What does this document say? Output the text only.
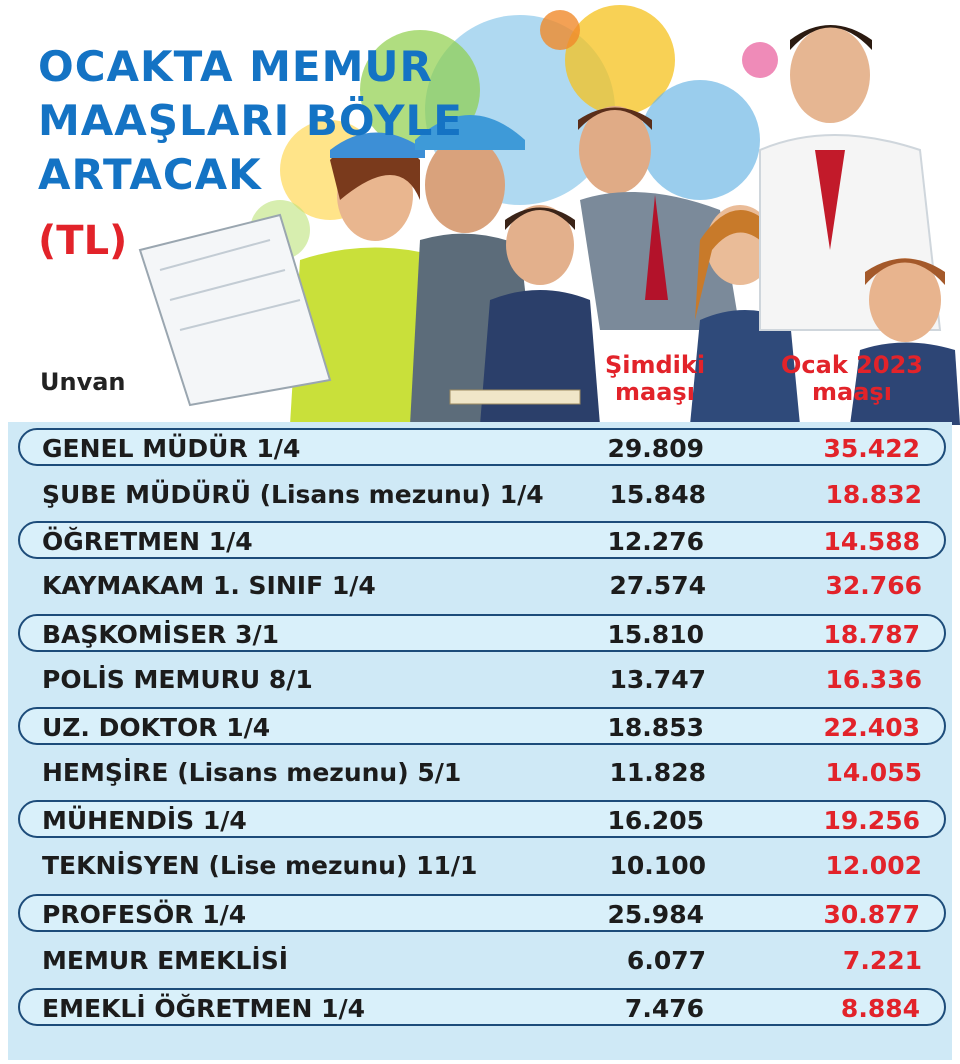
OCAKTA MEMUR
MAAŞLARI BÖYLE
ARTACAK
(TL)
Unvan
Şimdiki
maaşı
Ocak 2023
maaşı
GENEL MÜDÜR 1/4	29.809	35.422
ŞUBE MÜDÜRÜ (Lisans mezunu) 1/4	15.848	18.832
ÖĞRETMEN 1/4	12.276	14.588
KAYMAKAM 1. SINIF 1/4	27.574	32.766
BAŞKOMİSER 3/1	15.810	18.787
POLİS MEMURU 8/1	13.747	16.336
UZ. DOKTOR 1/4	18.853	22.403
HEMŞİRE (Lisans mezunu) 5/1	11.828	14.055
MÜHENDİS 1/4	16.205	19.256
TEKNİSYEN (Lise mezunu) 11/1	10.100	12.002
PROFESÖR 1/4	25.984	30.877
MEMUR EMEKLİSİ	6.077	7.221
EMEKLİ ÖĞRETMEN 1/4	7.476	8.884
